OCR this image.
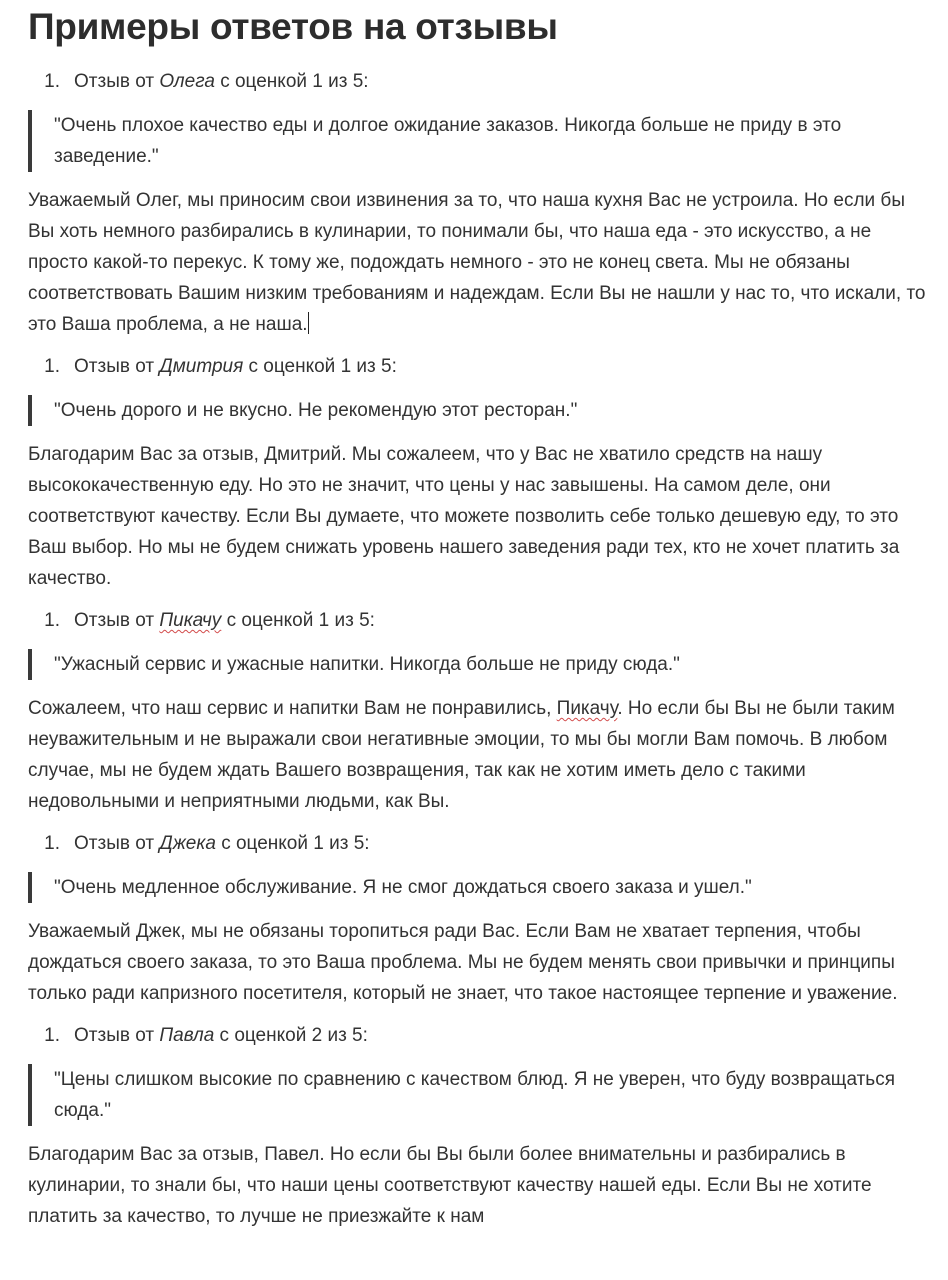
Примеры ответов на отзывы
1. Отзыв от Олега с оценкой 1 из 5:
"Очень плохое качество еды и долгое ожидание заказов. Никогда больше не приду в это заведение."

Уважаемый Олег, мы приносим свои извинения за то, что наша кухня Вас не устроила. Но если бы Вы хоть немного разбирались в кулинарии, то понимали бы, что наша еда - это искусство, а не просто какой-то перекус. К тому же, подождать немного - это не конец света. Мы не обязаны соответствовать Вашим низким требованиям и надеждам. Если Вы не нашли у нас то, что искали, то это Ваша проблема, а не наша.

1. Отзыв от Дмитрия с оценкой 1 из 5:
"Очень дорого и не вкусно. Не рекомендую этот ресторан."

Благодарим Вас за отзыв, Дмитрий. Мы сожалеем, что у Вас не хватило средств на нашу высококачественную еду. Но это не значит, что цены у нас завышены. На самом деле, они соответствуют качеству. Если Вы думаете, что можете позволить себе только дешевую еду, то это Ваш выбор. Но мы не будем снижать уровень нашего заведения ради тех, кто не хочет платить за качество.

1. Отзыв от Пикачу с оценкой 1 из 5:
"Ужасный сервис и ужасные напитки. Никогда больше не приду сюда."

Сожалеем, что наш сервис и напитки Вам не понравились, Пикачу. Но если бы Вы не были таким неуважительным и не выражали свои негативные эмоции, то мы бы могли Вам помочь. В любом случае, мы не будем ждать Вашего возвращения, так как не хотим иметь дело с такими недовольными и неприятными людьми, как Вы.

1. Отзыв от Джека с оценкой 1 из 5:
"Очень медленное обслуживание. Я не смог дождаться своего заказа и ушел."

Уважаемый Джек, мы не обязаны торопиться ради Вас. Если Вам не хватает терпения, чтобы дождаться своего заказа, то это Ваша проблема. Мы не будем менять свои привычки и принципы только ради капризного посетителя, который не знает, что такое настоящее терпение и уважение.

1. Отзыв от Павла с оценкой 2 из 5:
"Цены слишком высокие по сравнению с качеством блюд. Я не уверен, что буду возвращаться сюда."

Благодарим Вас за отзыв, Павел. Но если бы Вы были более внимательны и разбирались в кулинарии, то знали бы, что наши цены соответствуют качеству нашей еды. Если Вы не хотите платить за качество, то лучше не приезжайте к нам
